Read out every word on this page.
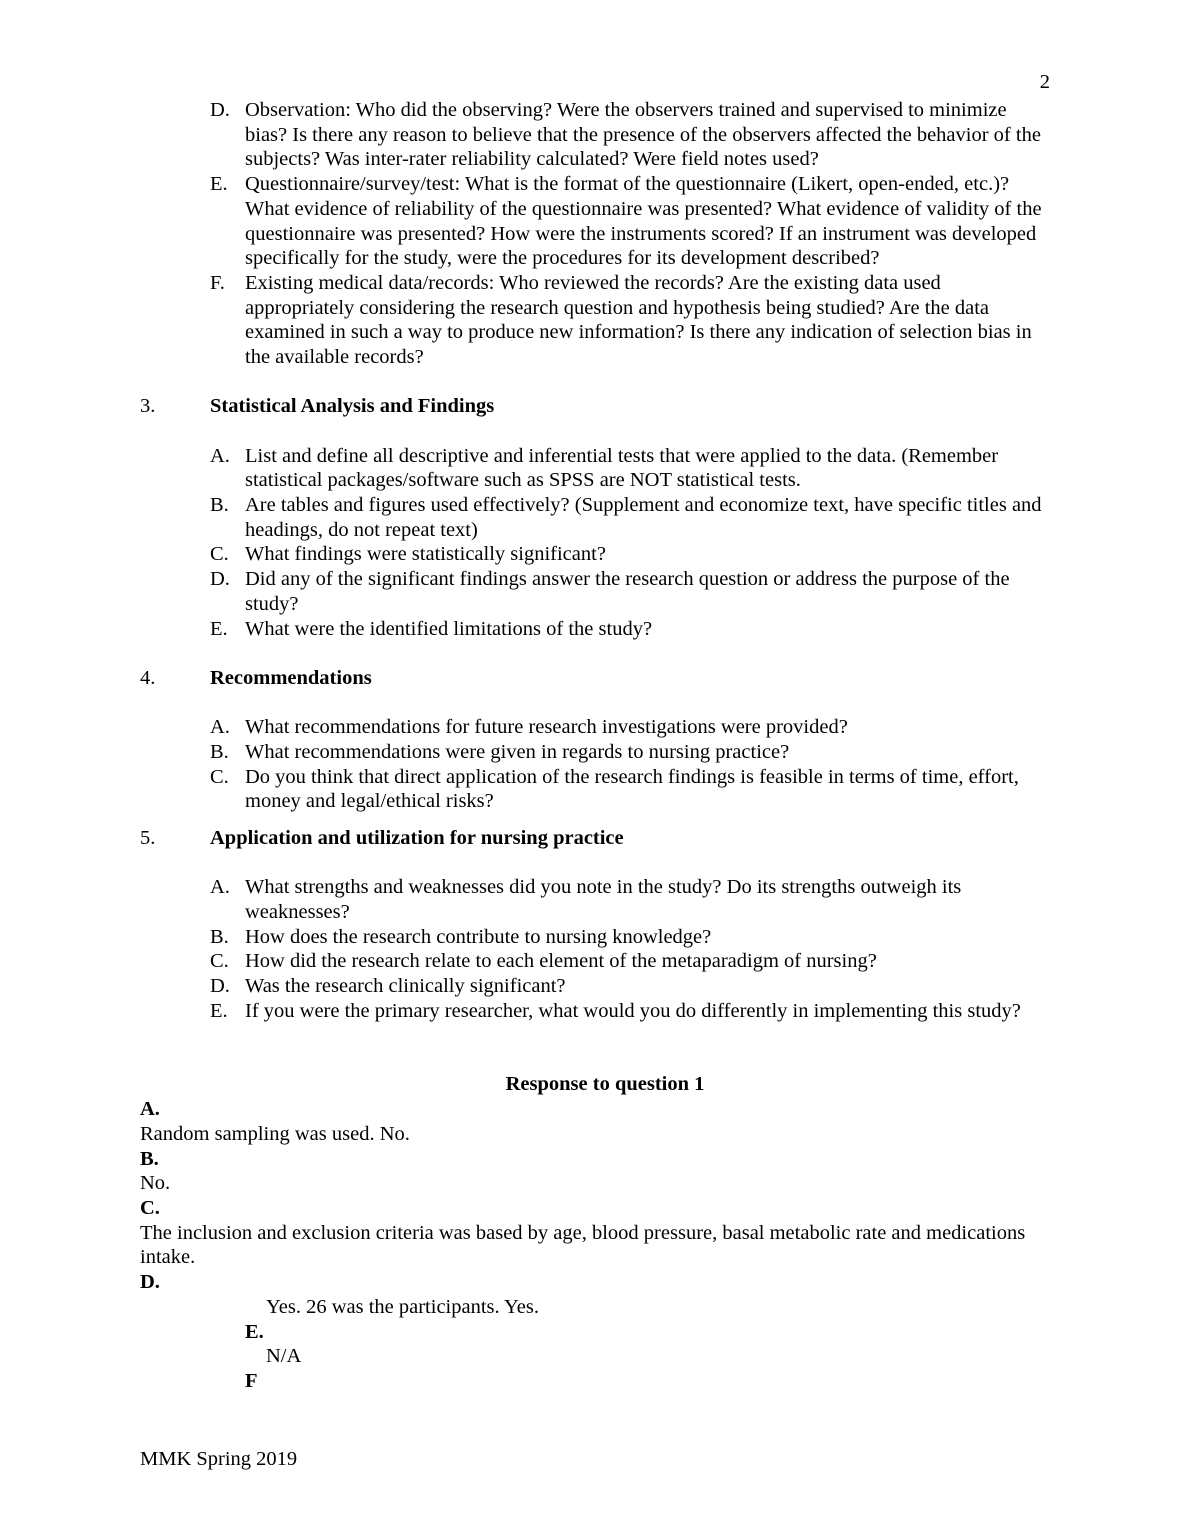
2
D. Observation: Who did the observing? Were the observers trained and supervised to minimize bias? Is there any reason to believe that the presence of the observers affected the behavior of the subjects? Was inter-rater reliability calculated? Were field notes used?
E. Questionnaire/survey/test: What is the format of the questionnaire (Likert, open-ended, etc.)? What evidence of reliability of the questionnaire was presented? What evidence of validity of the questionnaire was presented? How were the instruments scored? If an instrument was developed specifically for the study, were the procedures for its development described?
F. Existing medical data/records: Who reviewed the records? Are the existing data used appropriately considering the research question and hypothesis being studied? Are the data examined in such a way to produce new information? Is there any indication of selection bias in the available records?
3.	Statistical Analysis and Findings
A. List and define all descriptive and inferential tests that were applied to the data. (Remember statistical packages/software such as SPSS are NOT statistical tests.
B. Are tables and figures used effectively? (Supplement and economize text, have specific titles and headings, do not repeat text)
C. What findings were statistically significant?
D. Did any of the significant findings answer the research question or address the purpose of the study?
E. What were the identified limitations of the study?
4.	Recommendations
A. What recommendations for future research investigations were provided?
B. What recommendations were given in regards to nursing practice?
C. Do you think that direct application of the research findings is feasible in terms of time, effort, money and legal/ethical risks?
5.	Application and utilization for nursing practice
A. What strengths and weaknesses did you note in the study? Do its strengths outweigh its weaknesses?
B. How does the research contribute to nursing knowledge?
C. How did the research relate to each element of the metaparadigm of nursing?
D. Was the research clinically significant?
E. If you were the primary researcher, what would you do differently in implementing this study?
Response to question 1
A.
Random sampling was used. No.
B.
No.
C.
The inclusion and exclusion criteria was based by age, blood pressure, basal metabolic rate and medications intake.
D.
Yes. 26 was the participants. Yes.
E.
N/A
F
MMK Spring 2019
